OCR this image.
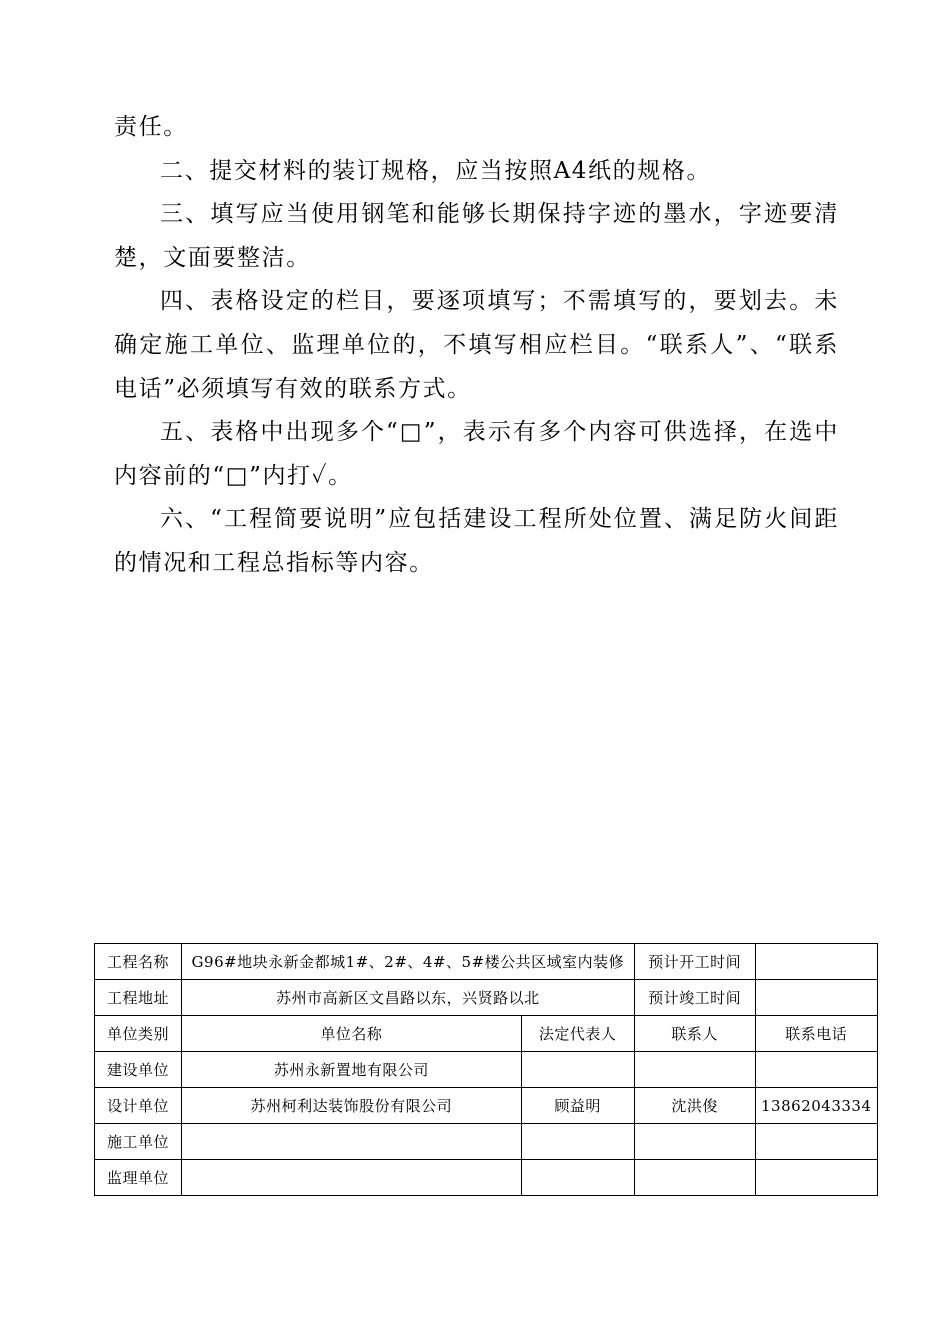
责任。

二、提交材料的装订规格，应当按照A4纸的规格。

三、填写应当使用钢笔和能够长期保持字迹的墨水，字迹要清楚，文面要整洁。

四、表格设定的栏目，要逐项填写；不需填写的，要划去。未确定施工单位、监理单位的，不填写相应栏目。“联系人”、“联系电话”必须填写有效的联系方式。

五、表格中出现多个“□”，表示有多个内容可供选择，在选中内容前的“□”内打✓。

六、“工程简要说明”应包括建设工程所处位置、满足防火间距的情况和工程总指标等内容。

工程名称	G96#地块永新金都城1#、2#、4#、5#楼公共区域室内装修		预计开工时间	
工程地址	苏州市高新区文昌路以东，兴贤路以北		预计竣工时间	
单位类别	单位名称	法定代表人	联系人	联系电话
建设单位	苏州永新置地有限公司			
设计单位	苏州柯利达装饰股份有限公司	顾益明	沈洪俊	13862043334
施工单位				
监理单位				
